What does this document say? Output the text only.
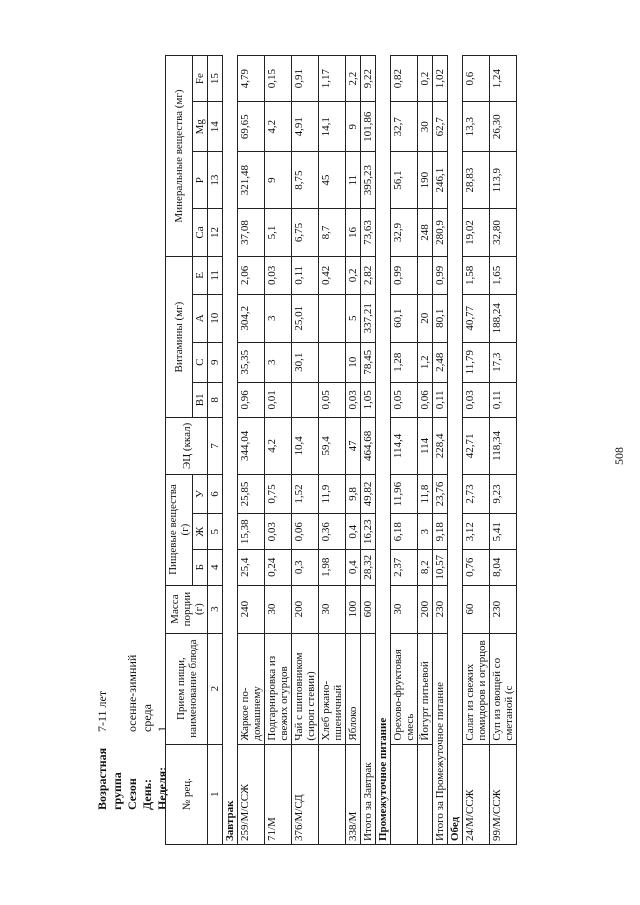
Возрастная группа
7-11 лет
Сезон
осенне-зимний
День:
среда
Неделя:
1
№ рец.	Прием пищи, наименование блюда	Масса порции (г)	Пищевые вещества (г)			ЭЦ (ккал)	Витамины (мг)				Минеральные вещества (мг)			
			Б	Ж	У		B1	C	A	E	Ca	P	Mg	Fe
1	2	3	4	5	6	7	8	9	10	11	12	13	14	15
Завтрак														
259/М/ССЖ	Жаркое по-домашнему	240	25,4	15,38	25,85	344,04	0,96	35,35	304,2	2,06	37,08	321,48	69,65	4,79
71/М	Подгарнировка из свежих огурцов	30	0,24	0,03	0,75	4,2	0,01	3	3	0,03	5,1	9	4,2	0,15
376/М/СД	Чай с шиповником (сироп стевии)	200	0,3	0,06	1,52	10,4		30,1	25,01	0,11	6,75	8,75	4,91	0,91
	Хлеб ржано-пшеничный	30	1,98	0,36	11,9	59,4	0,05			0,42	8,7	45	14,1	1,17
338/М	Яблоко	100	0,4	0,4	9,8	47	0,03	10	5	0,2	16	11	9	2,2
Итого за Завтрак		600	28,32	16,23	49,82	464,68	1,05	78,45	337,21	2,82	73,63	395,23	101,86	9,22
Промежуточное питание														
	Орехово-фруктовая смесь	30	2,37	6,18	11,96	114,4	0,05	1,28	60,1	0,99	32,9	56,1	32,7	0,82
	Йогурт питьевой	200	8,2	3	11,8	114	0,06	1,2	20		248	190	30	0,2
Итого за Промежуточное питание		230	10,57	9,18	23,76	228,4	0,11	2,48	80,1	0,99	280,9	246,1	62,7	1,02
Обед														
24/М/ССЖ	Салат из свежих помидоров и огурцов	60	0,76	3,12	2,73	42,71	0,03	11,79	40,77	1,58	19,02	28,83	13,3	0,6
99/М/ССЖ	Суп из овощей со сметаной (с	230	8,04	5,41	9,23	118,34	0,11	17,3	188,24	1,65	32,80	113,9	26,30	1,24
508
